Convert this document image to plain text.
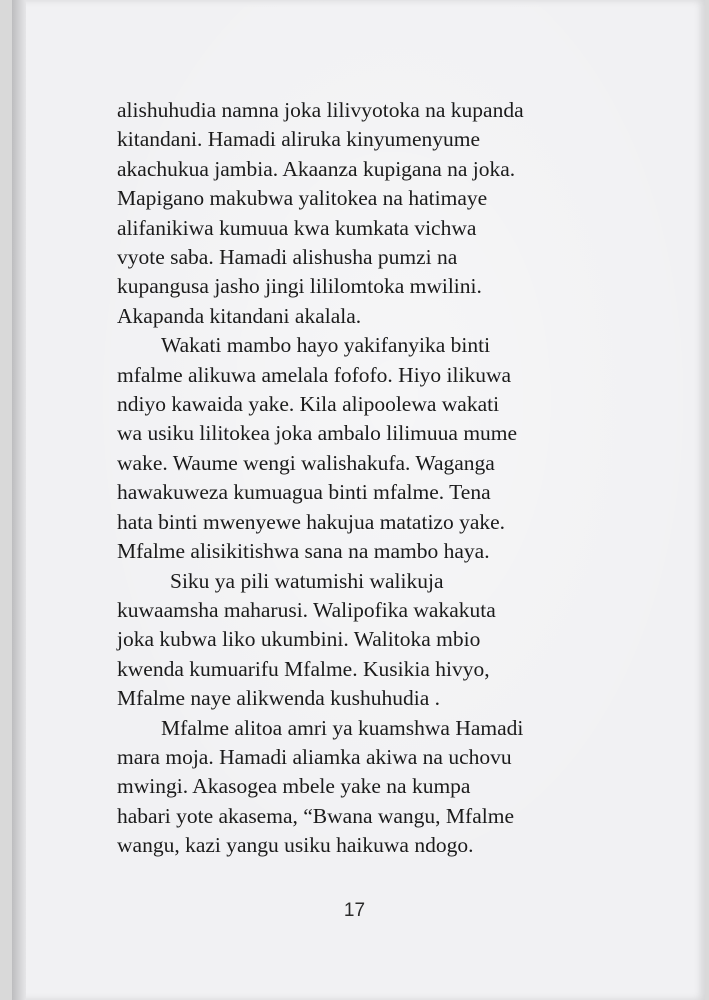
alishuhudia namna joka lilivyotoka na kupanda
kitandani. Hamadi aliruka kinyumenyume
akachukua jambia. Akaanza kupigana na joka.
Mapigano makubwa yalitokea na hatimaye
alifanikiwa kumuua kwa kumkata vichwa
vyote saba. Hamadi alishusha pumzi na
kupangusa jasho jingi lililomtoka mwilini.
Akapanda kitandani akalala.

Wakati mambo hayo yakifanyika binti
mfalme alikuwa amelala fofofo. Hiyo ilikuwa
ndiyo kawaida yake. Kila alipoolewa wakati
wa usiku lilitokea joka ambalo lilimuua mume
wake. Waume wengi walishakufa. Waganga
hawakuweza kumuagua binti mfalme. Tena
hata binti mwenyewe hakujua matatizo yake.
Mfalme alisikitishwa sana na mambo haya.

Siku ya pili watumishi walikuja
kuwaamsha maharusi. Walipofika wakakuta
joka kubwa liko ukumbini. Walitoka mbio
kwenda kumuarifu Mfalme. Kusikia hivyo,
Mfalme naye alikwenda kushuhudia .

Mfalme alitoa amri ya kuamshwa Hamadi
mara moja. Hamadi aliamka akiwa na uchovu
mwingi. Akasogea mbele yake na kumpa
habari yote akasema, “Bwana wangu, Mfalme
wangu, kazi yangu usiku haikuwa ndogo.

17
